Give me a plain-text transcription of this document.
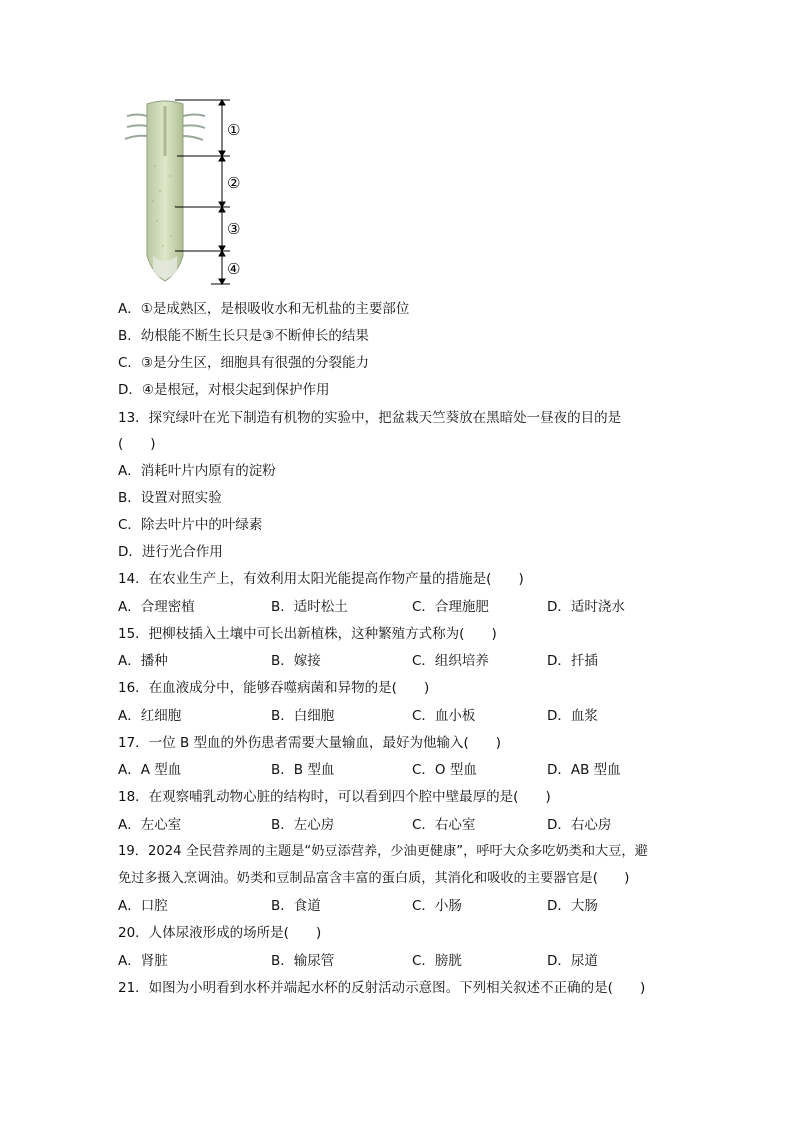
①
②
③
④
A．①是成熟区，是根吸收水和无机盐的主要部位
B．幼根能不断生长只是③不断伸长的结果
C．③是分生区，细胞具有很强的分裂能力
D．④是根冠，对根尖起到保护作用
13．探究绿叶在光下制造有机物的实验中，把盆栽天竺葵放在黑暗处一昼夜的目的是
(　　)
A．消耗叶片内原有的淀粉
B．设置对照实验
C．除去叶片中的叶绿素
D．进行光合作用
14．在农业生产上，有效利用太阳光能提高作物产量的措施是(　　)
A．合理密植	B．适时松土	C．合理施肥	D．适时浇水
15．把柳枝插入土壤中可长出新植株，这种繁殖方式称为(　　)
A．播种	B．嫁接	C．组织培养	D．扦插
16．在血液成分中，能够吞噬病菌和异物的是(　　)
A．红细胞	B．白细胞	C．血小板	D．血浆
17．一位 B 型血的外伤患者需要大量输血，最好为他输入(　　)
A．A 型血	B．B 型血	C．O 型血	D．AB 型血
18．在观察哺乳动物心脏的结构时，可以看到四个腔中壁最厚的是(　　)
A．左心室	B．左心房	C．右心室	D．右心房
19．2024 全民营养周的主题是“奶豆添营养，少油更健康”，呼吁大众多吃奶类和大豆，避
免过多摄入烹调油。奶类和豆制品富含丰富的蛋白质，其消化和吸收的主要器官是(　　)
A．口腔	B．食道	C．小肠	D．大肠
20．人体尿液形成的场所是(　　)
A．肾脏	B．输尿管	C．膀胱	D．尿道
21．如图为小明看到水杯并端起水杯的反射活动示意图。下列相关叙述不正确的是(　　)
